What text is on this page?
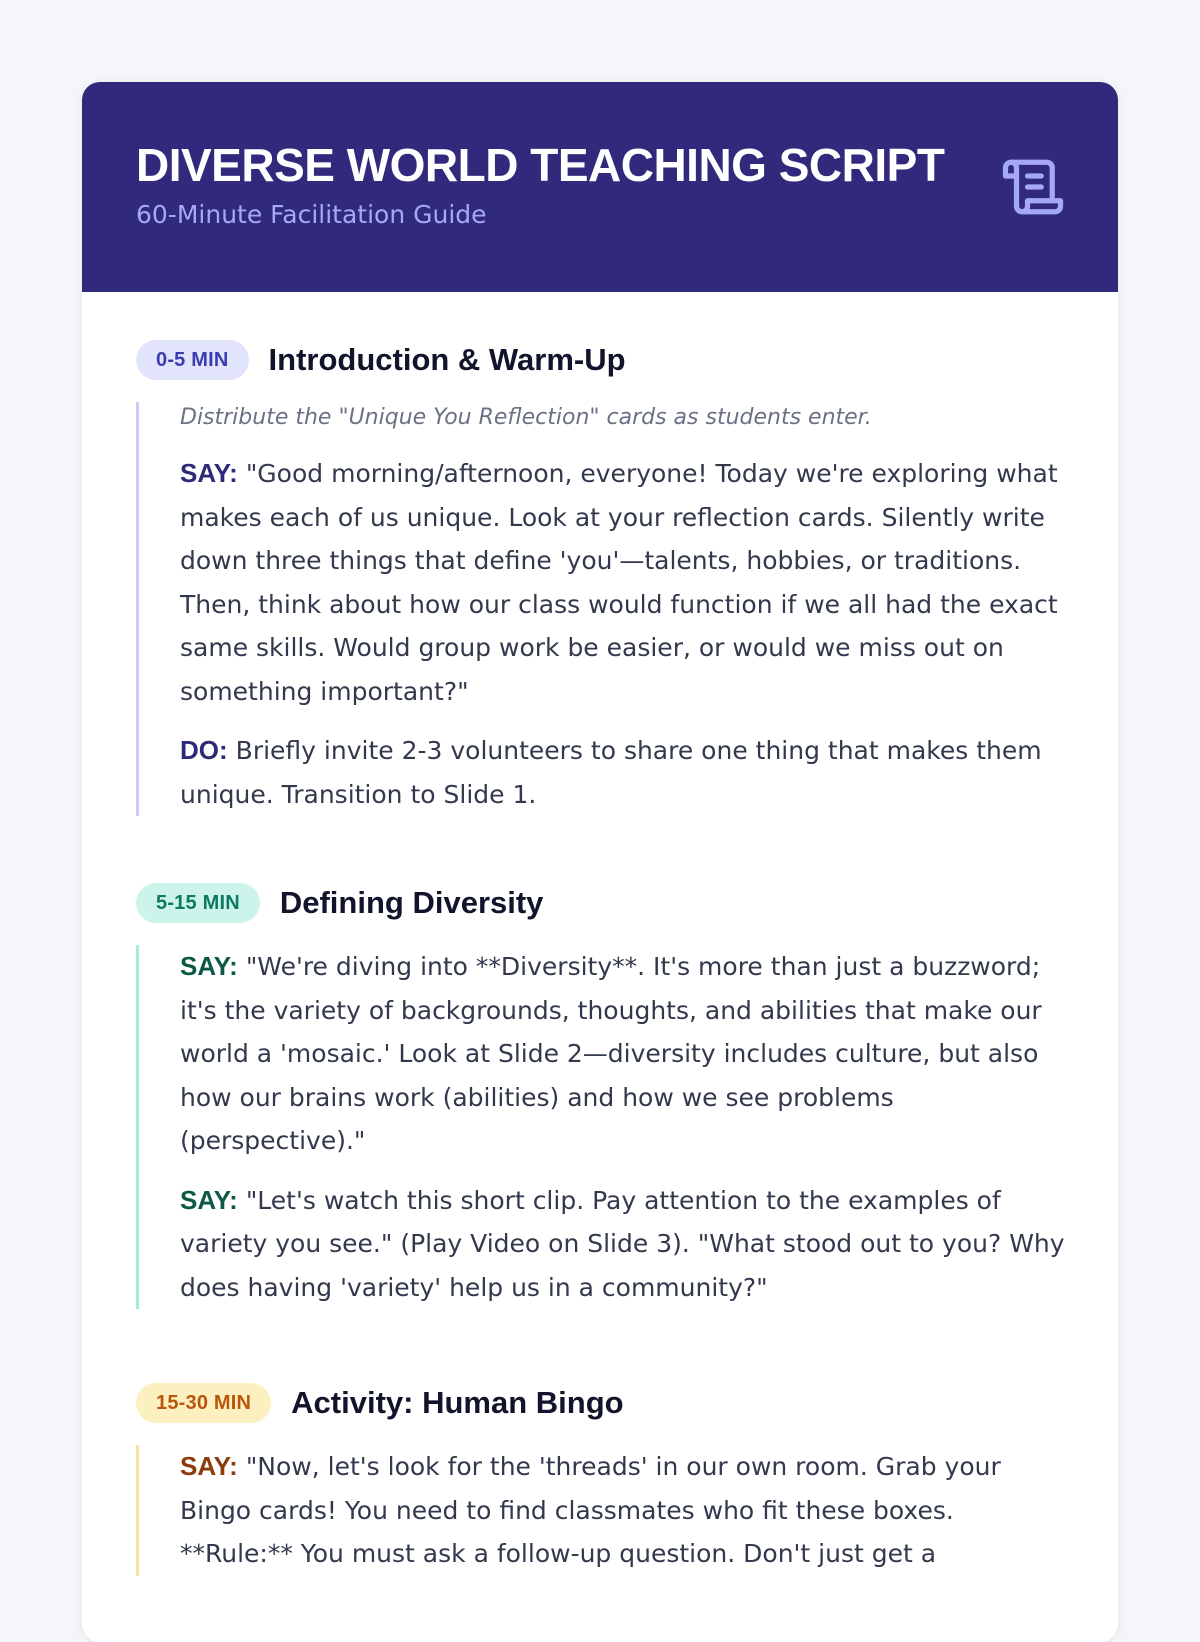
DIVERSE WORLD TEACHING SCRIPT
60-Minute Facilitation Guide
0-5 MIN	Introduction & Warm-Up

Distribute the "Unique You Reflection" cards as students enter.

SAY: "Good morning/afternoon, everyone! Today we're exploring what makes each of us unique. Look at your reflection cards. Silently write down three things that define 'you'—talents, hobbies, or traditions. Then, think about how our class would function if we all had the exact same skills. Would group work be easier, or would we miss out on something important?"

DO: Briefly invite 2-3 volunteers to share one thing that makes them unique. Transition to Slide 1.

5-15 MIN	Defining Diversity

SAY: "We're diving into **Diversity**. It's more than just a buzzword; it's the variety of backgrounds, thoughts, and abilities that make our world a 'mosaic.' Look at Slide 2—diversity includes culture, but also how our brains work (abilities) and how we see problems (perspective)."

SAY: "Let's watch this short clip. Pay attention to the examples of variety you see." (Play Video on Slide 3). "What stood out to you? Why does having 'variety' help us in a community?"

15-30 MIN	Activity: Human Bingo

SAY: "Now, let's look for the 'threads' in our own room. Grab your Bingo cards! You need to find classmates who fit these boxes. **Rule:** You must ask a follow-up question. Don't just get a
